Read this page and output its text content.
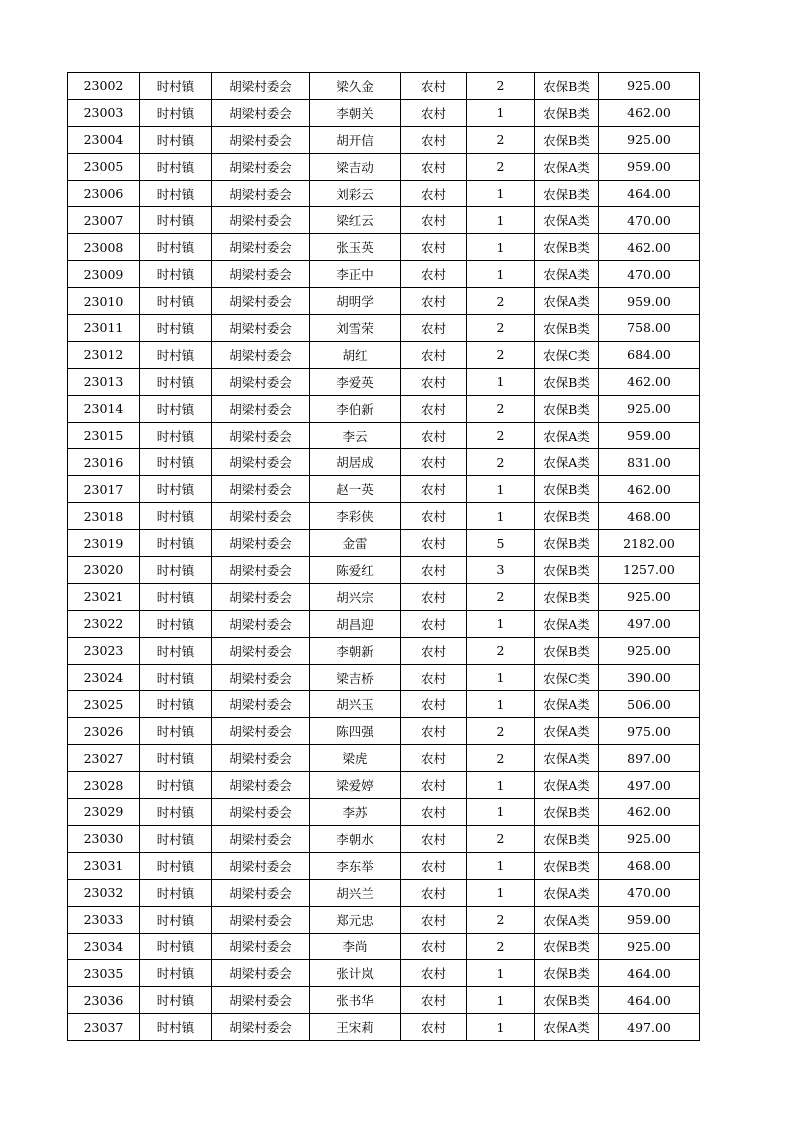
23002	时村镇	胡梁村委会	梁久金	农村	2	农保B类	925.00
23003	时村镇	胡梁村委会	李朝关	农村	1	农保B类	462.00
23004	时村镇	胡梁村委会	胡开信	农村	2	农保B类	925.00
23005	时村镇	胡梁村委会	梁吉动	农村	2	农保A类	959.00
23006	时村镇	胡梁村委会	刘彩云	农村	1	农保B类	464.00
23007	时村镇	胡梁村委会	梁红云	农村	1	农保A类	470.00
23008	时村镇	胡梁村委会	张玉英	农村	1	农保B类	462.00
23009	时村镇	胡梁村委会	李正中	农村	1	农保A类	470.00
23010	时村镇	胡梁村委会	胡明学	农村	2	农保A类	959.00
23011	时村镇	胡梁村委会	刘雪荣	农村	2	农保B类	758.00
23012	时村镇	胡梁村委会	胡红	农村	2	农保C类	684.00
23013	时村镇	胡梁村委会	李爱英	农村	1	农保B类	462.00
23014	时村镇	胡梁村委会	李伯新	农村	2	农保B类	925.00
23015	时村镇	胡梁村委会	李云	农村	2	农保A类	959.00
23016	时村镇	胡梁村委会	胡居成	农村	2	农保A类	831.00
23017	时村镇	胡梁村委会	赵一英	农村	1	农保B类	462.00
23018	时村镇	胡梁村委会	李彩侠	农村	1	农保B类	468.00
23019	时村镇	胡梁村委会	金雷	农村	5	农保B类	2182.00
23020	时村镇	胡梁村委会	陈爱红	农村	3	农保B类	1257.00
23021	时村镇	胡梁村委会	胡兴宗	农村	2	农保B类	925.00
23022	时村镇	胡梁村委会	胡昌迎	农村	1	农保A类	497.00
23023	时村镇	胡梁村委会	李朝新	农村	2	农保B类	925.00
23024	时村镇	胡梁村委会	梁吉桥	农村	1	农保C类	390.00
23025	时村镇	胡梁村委会	胡兴玉	农村	1	农保A类	506.00
23026	时村镇	胡梁村委会	陈四强	农村	2	农保A类	975.00
23027	时村镇	胡梁村委会	梁虎	农村	2	农保A类	897.00
23028	时村镇	胡梁村委会	梁爱婷	农村	1	农保A类	497.00
23029	时村镇	胡梁村委会	李苏	农村	1	农保B类	462.00
23030	时村镇	胡梁村委会	李朝水	农村	2	农保B类	925.00
23031	时村镇	胡梁村委会	李东举	农村	1	农保B类	468.00
23032	时村镇	胡梁村委会	胡兴兰	农村	1	农保A类	470.00
23033	时村镇	胡梁村委会	郑元忠	农村	2	农保A类	959.00
23034	时村镇	胡梁村委会	李尚	农村	2	农保B类	925.00
23035	时村镇	胡梁村委会	张计岚	农村	1	农保B类	464.00
23036	时村镇	胡梁村委会	张书华	农村	1	农保B类	464.00
23037	时村镇	胡梁村委会	王宋莉	农村	1	农保A类	497.00
